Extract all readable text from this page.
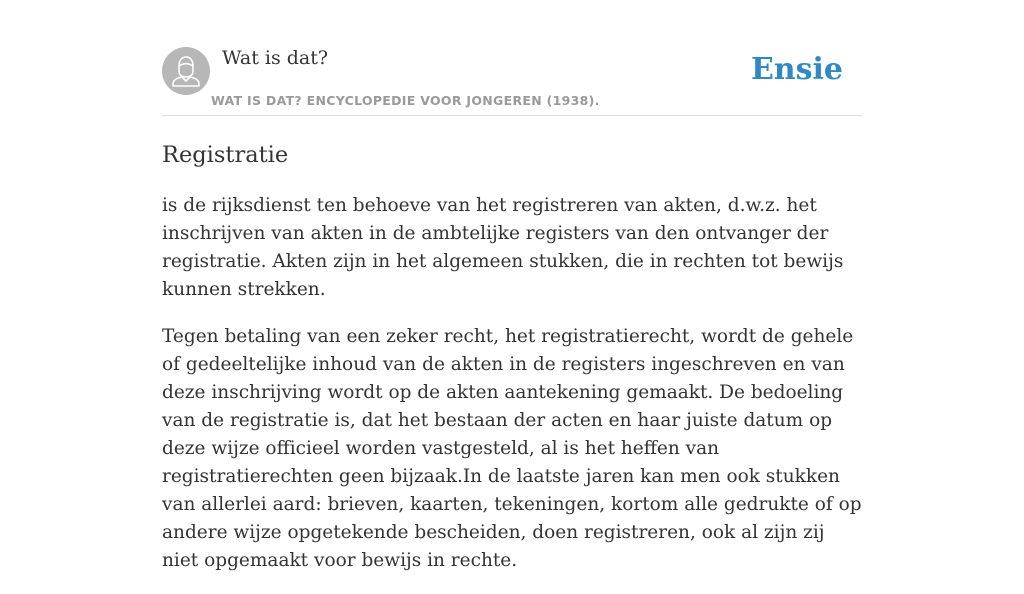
Wat is dat?
WAT IS DAT? ENCYCLOPEDIE VOOR JONGEREN (1938).
Ensie
Registratie

is de rijksdienst ten behoeve van het registreren van akten, d.w.z. het inschrijven van akten in de ambtelijke registers van den ontvanger der registratie. Akten zijn in het algemeen stukken, die in rechten tot bewijs kunnen strekken.

Tegen betaling van een zeker recht, het registratierecht, wordt de gehele of gedeeltelijke inhoud van de akten in de registers ingeschreven en van deze inschrijving wordt op de akten aantekening gemaakt. De bedoeling van de registratie is, dat het bestaan der acten en haar juiste datum op deze wijze officieel worden vastgesteld, al is het heffen van registratierechten geen bijzaak.In de laatste jaren kan men ook stukken van allerlei aard: brieven, kaarten, tekeningen, kortom alle gedrukte of op andere wijze opgetekende bescheiden, doen registreren, ook al zijn zij niet opgemaakt voor bewijs in rechte.
